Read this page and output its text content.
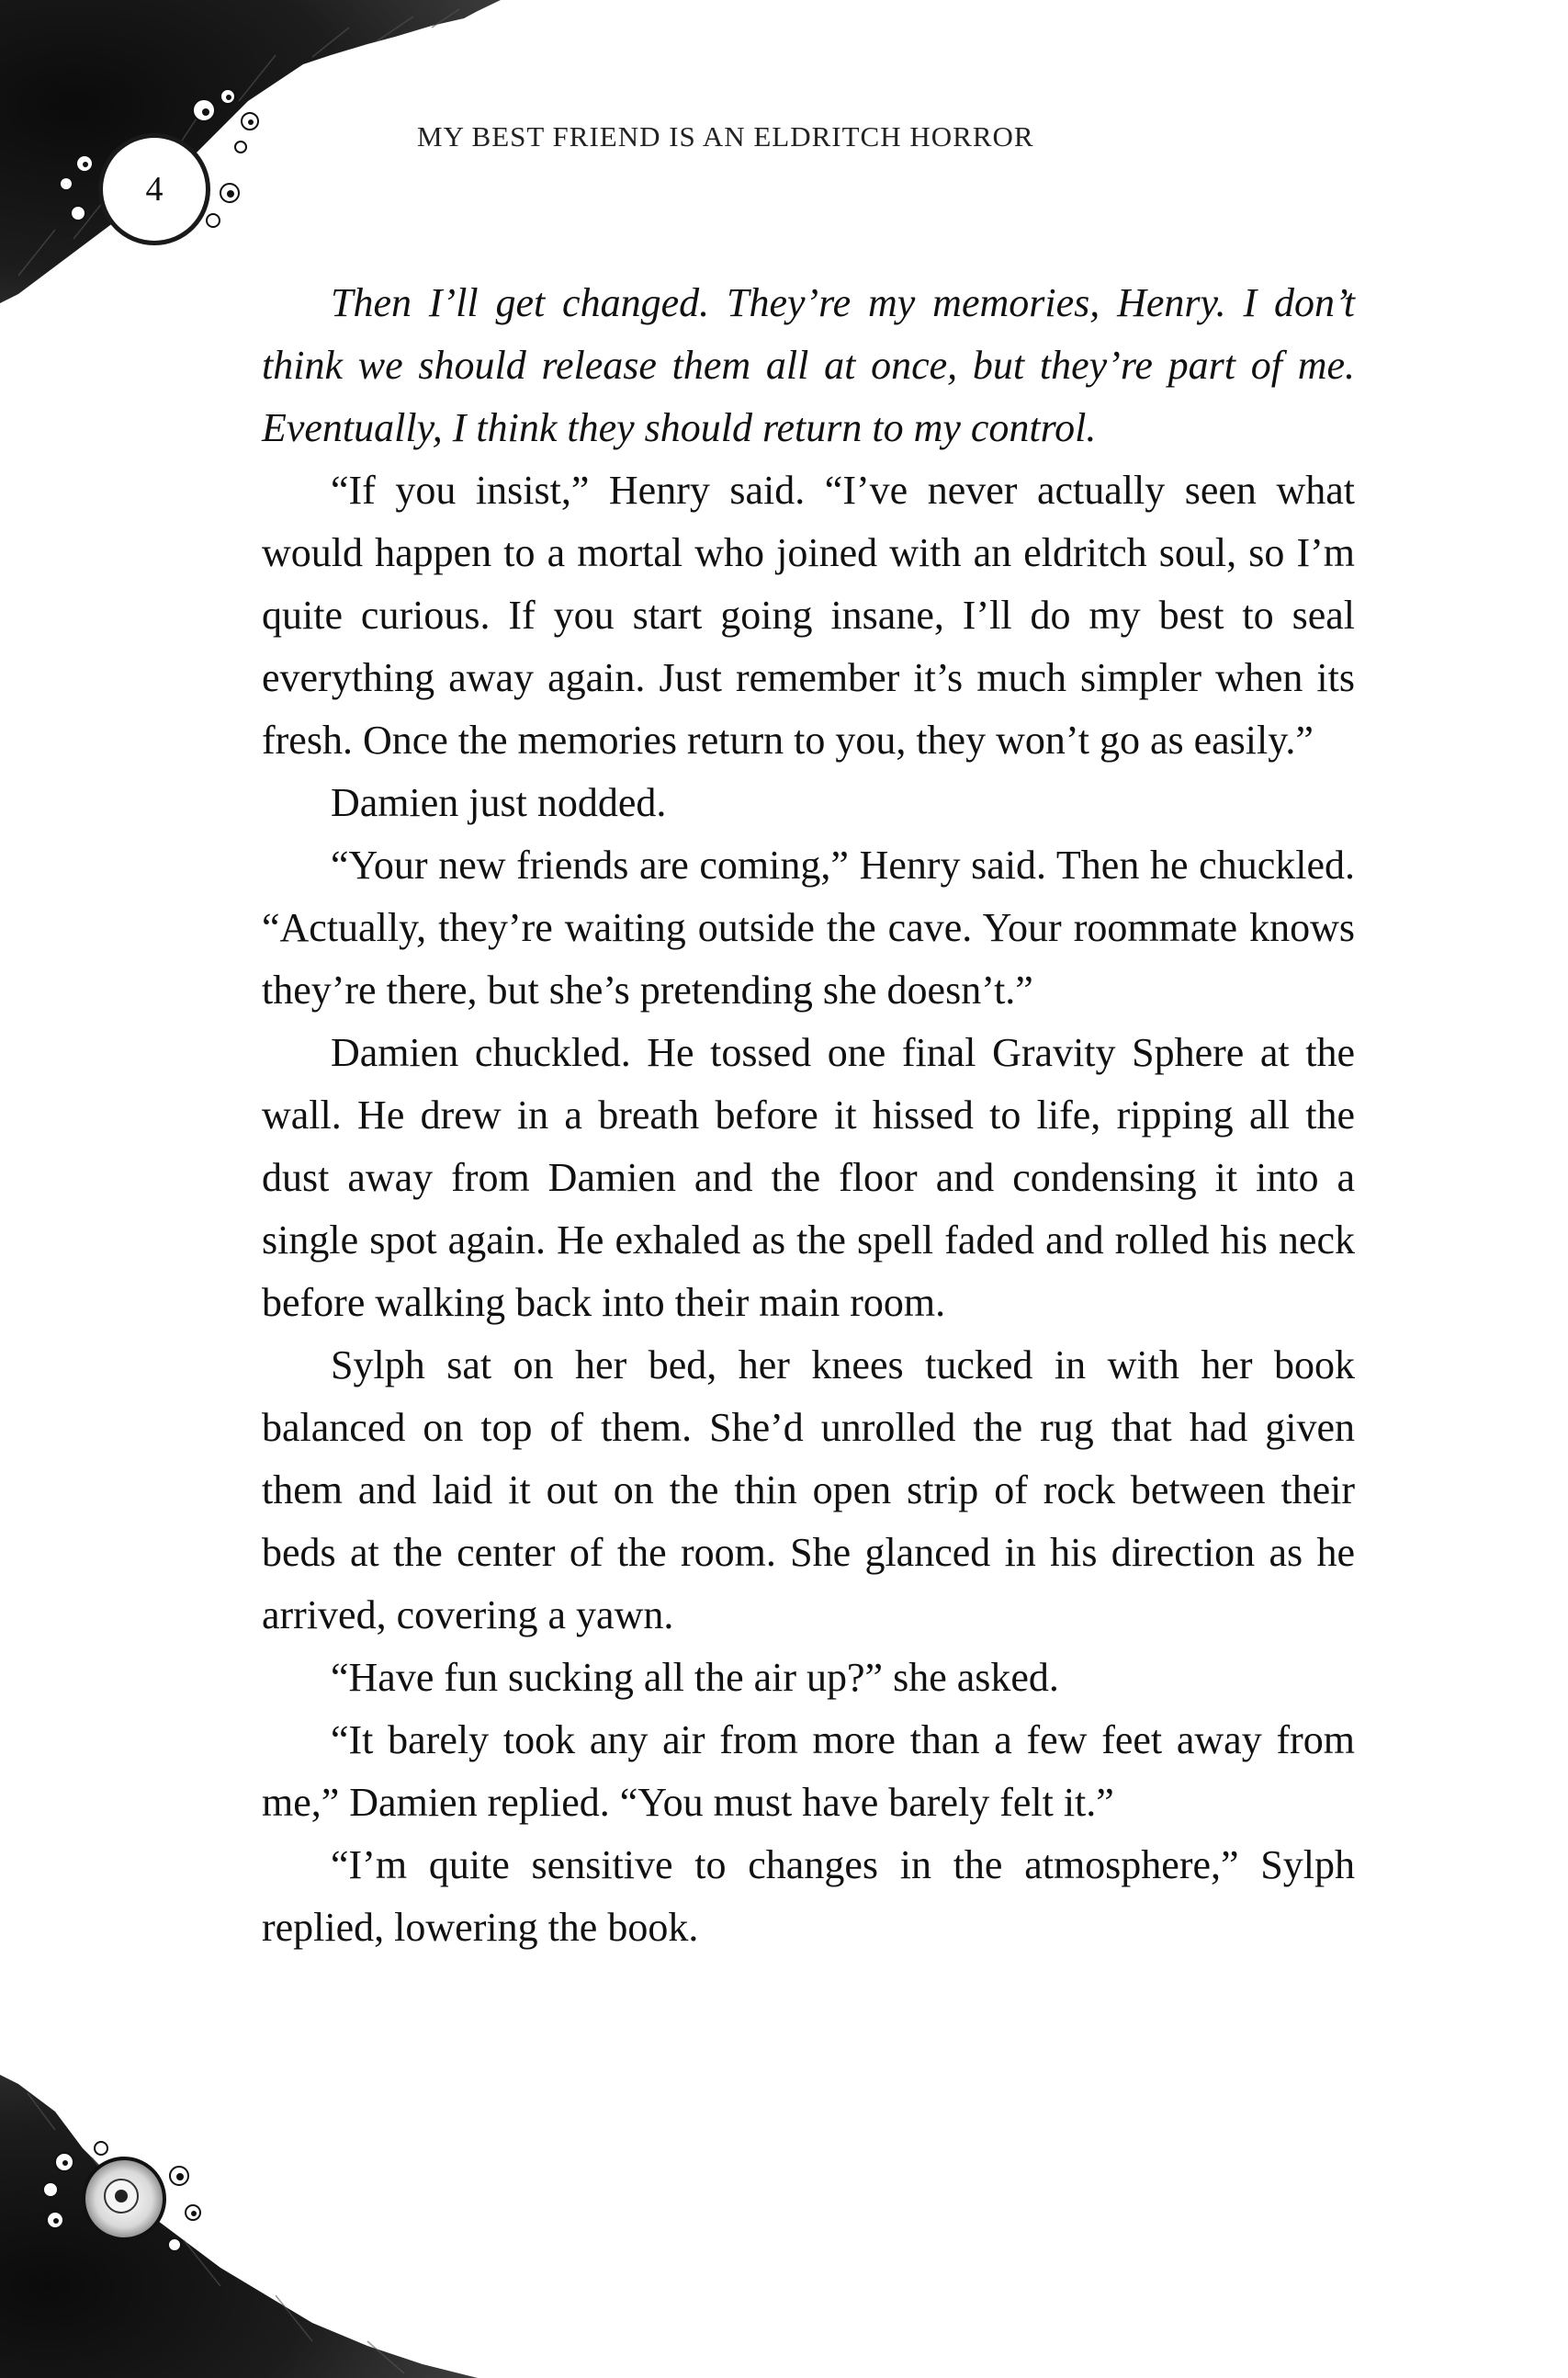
4
MY BEST FRIEND IS AN ELDRITCH HORROR

Then I’ll get changed. They’re my memories, Henry. I don’t think we should release them all at once, but they’re part of me. Eventually, I think they should return to my control.

“If you insist,” Henry said. “I’ve never actually seen what would happen to a mortal who joined with an eldritch soul, so I’m quite curious. If you start going insane, I’ll do my best to seal everything away again. Just remember it’s much simpler when its fresh. Once the memories return to you, they won’t go as easily.”

Damien just nodded.

“Your new friends are coming,” Henry said. Then he chuckled. “Actually, they’re waiting outside the cave. Your roommate knows they’re there, but she’s pretending she doesn’t.”

Damien chuckled. He tossed one final Gravity Sphere at the wall. He drew in a breath before it hissed to life, ripping all the dust away from Damien and the floor and condensing it into a single spot again. He exhaled as the spell faded and rolled his neck before walking back into their main room.

Sylph sat on her bed, her knees tucked in with her book balanced on top of them. She’d unrolled the rug that had given them and laid it out on the thin open strip of rock between their beds at the center of the room. She glanced in his direction as he arrived, covering a yawn.

“Have fun sucking all the air up?” she asked.

“It barely took any air from more than a few feet away from me,” Damien replied. “You must have barely felt it.”

“I’m quite sensitive to changes in the atmosphere,” Sylph replied, lowering the book.
